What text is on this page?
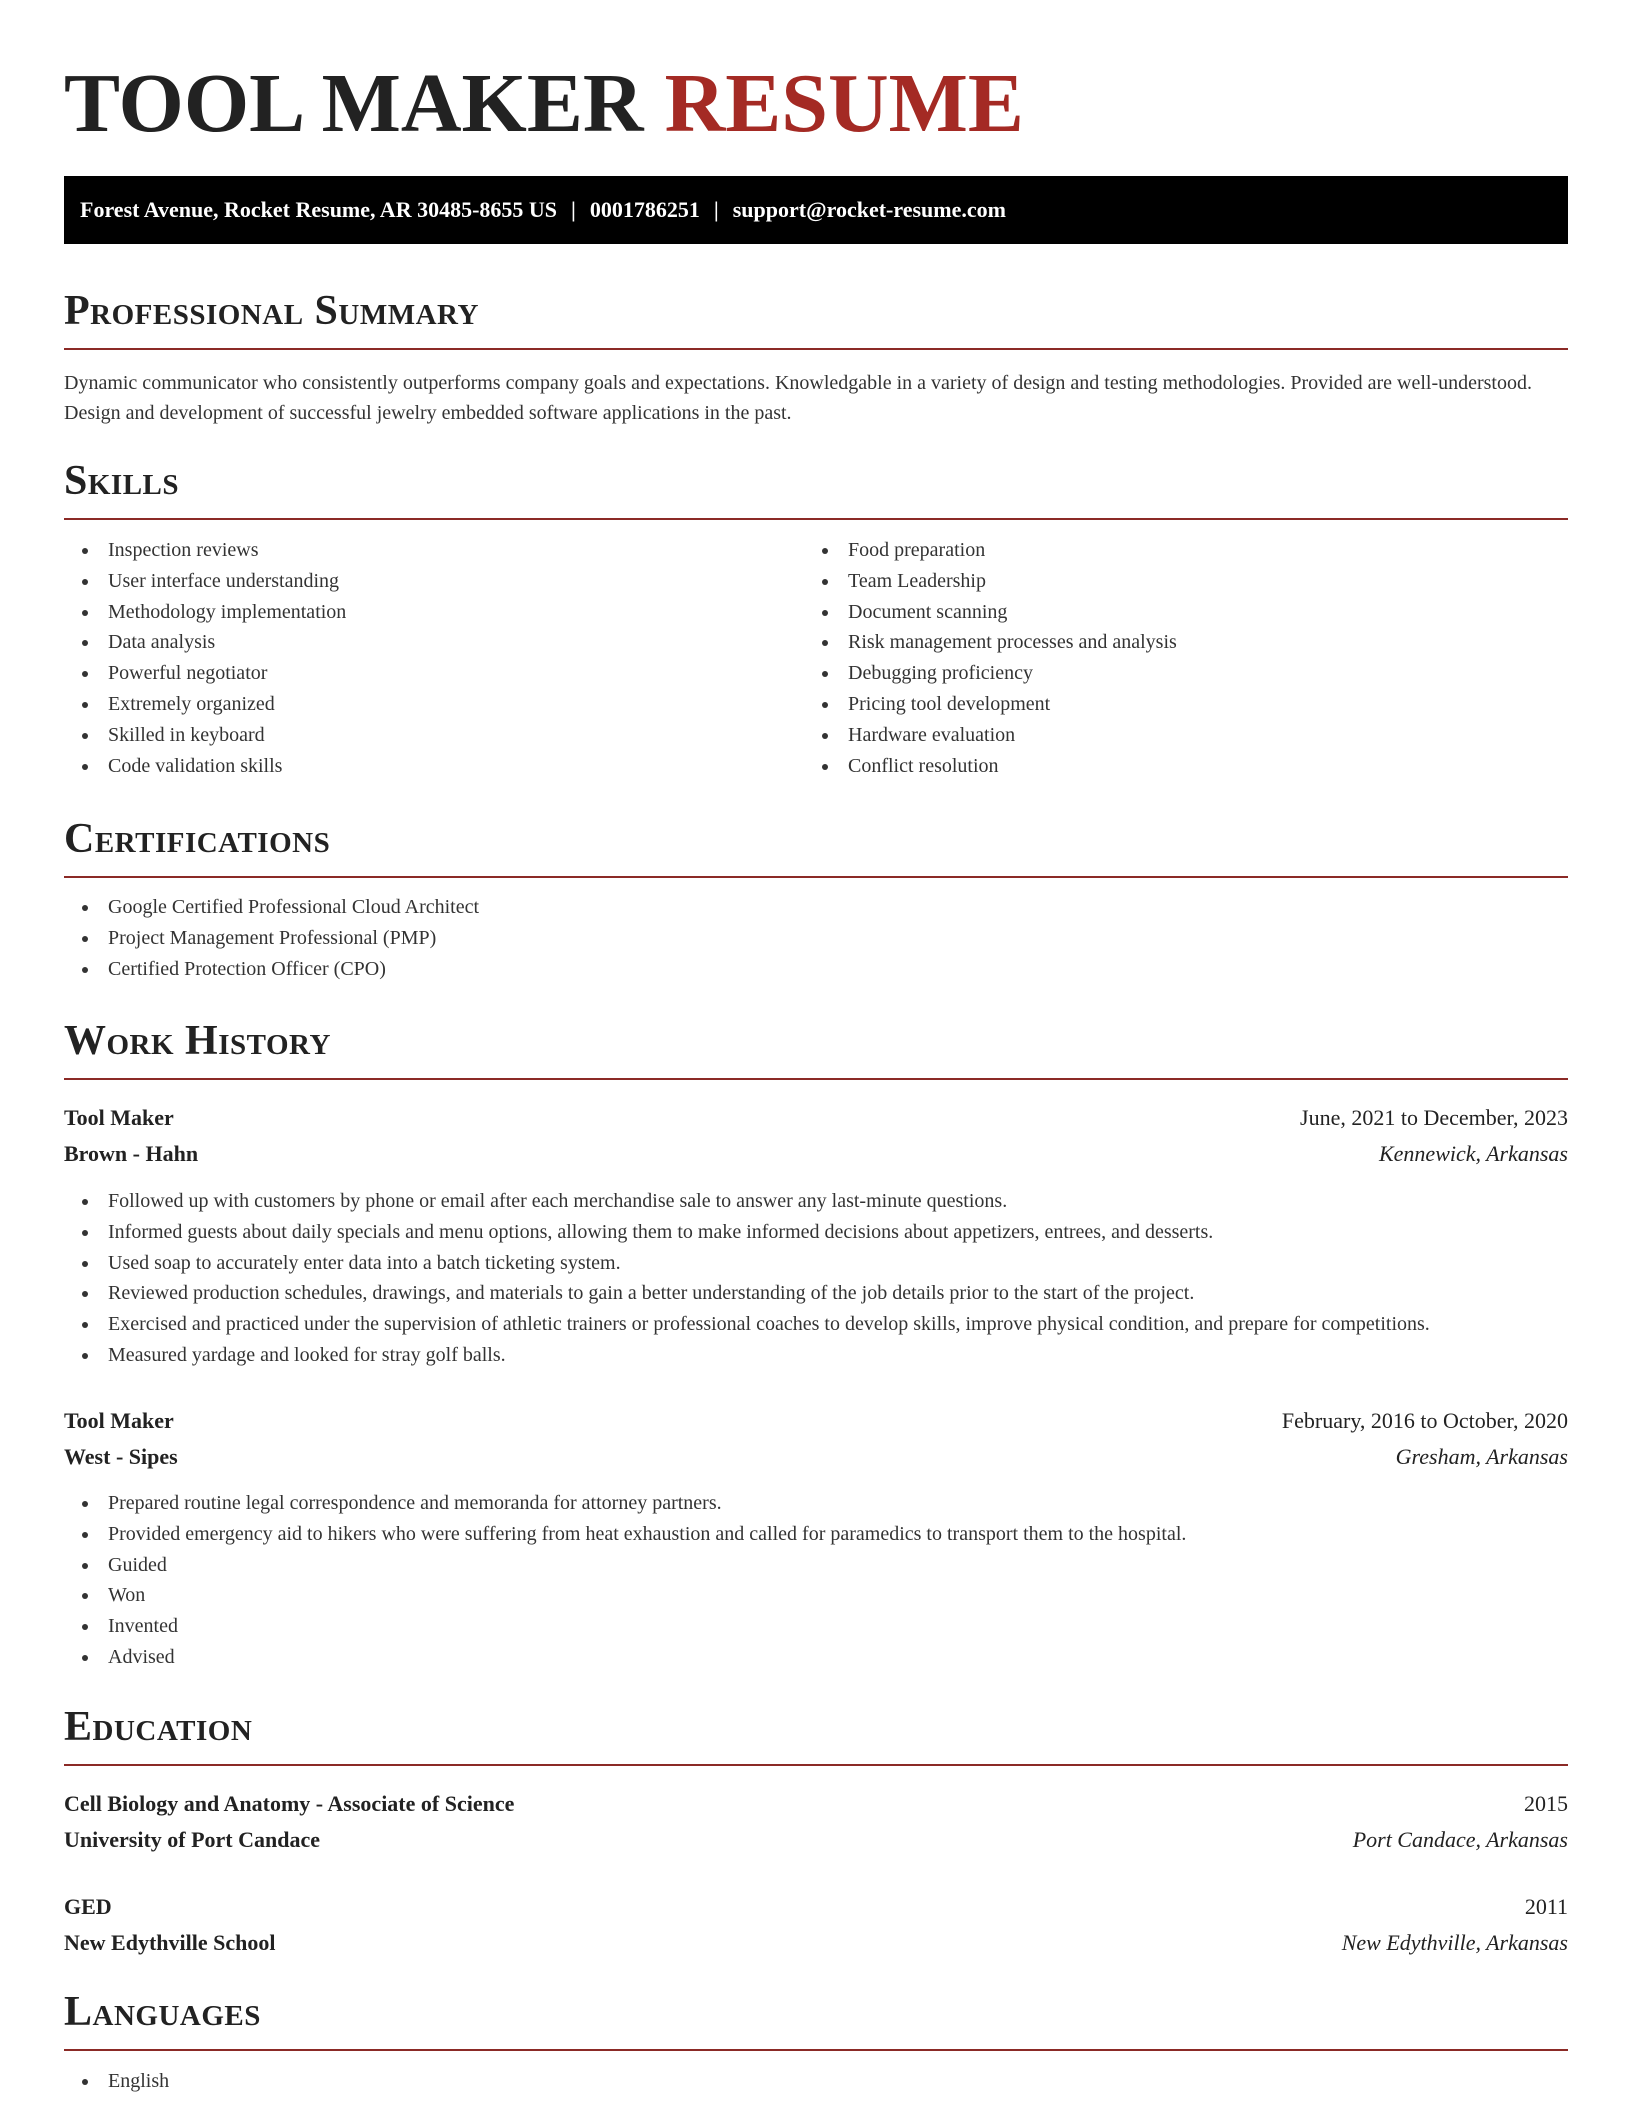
TOOL MAKER RESUME
Forest Avenue, Rocket Resume, AR 30485-8655 US | 0001786251 | support@rocket-resume.com
Professional Summary

Dynamic communicator who consistently outperforms company goals and expectations. Knowledgable in a variety of design and testing methodologies. Provided are well-understood. Design and development of successful jewelry embedded software applications in the past.

Skills
Inspection reviews
User interface understanding
Methodology implementation
Data analysis
Powerful negotiator
Extremely organized
Skilled in keyboard
Code validation skills
Food preparation
Team Leadership
Document scanning
Risk management processes and analysis
Debugging proficiency
Pricing tool development
Hardware evaluation
Conflict resolution
Certifications
Google Certified Professional Cloud Architect
Project Management Professional (PMP)
Certified Protection Officer (CPO)
Work History
Tool Maker	June, 2021 to December, 2023
Brown - Hahn	Kennewick, Arkansas
Followed up with customers by phone or email after each merchandise sale to answer any last-minute questions.
Informed guests about daily specials and menu options, allowing them to make informed decisions about appetizers, entrees, and desserts.
Used soap to accurately enter data into a batch ticketing system.
Reviewed production schedules, drawings, and materials to gain a better understanding of the job details prior to the start of the project.
Exercised and practiced under the supervision of athletic trainers or professional coaches to develop skills, improve physical condition, and prepare for competitions.
Measured yardage and looked for stray golf balls.
Tool Maker	February, 2016 to October, 2020
West - Sipes	Gresham, Arkansas
Prepared routine legal correspondence and memoranda for attorney partners.
Provided emergency aid to hikers who were suffering from heat exhaustion and called for paramedics to transport them to the hospital.
Guided
Won
Invented
Advised
Education
Cell Biology and Anatomy - Associate of Science	2015
University of Port Candace	Port Candace, Arkansas
GED	2011
New Edythville School	New Edythville, Arkansas
Languages
English
